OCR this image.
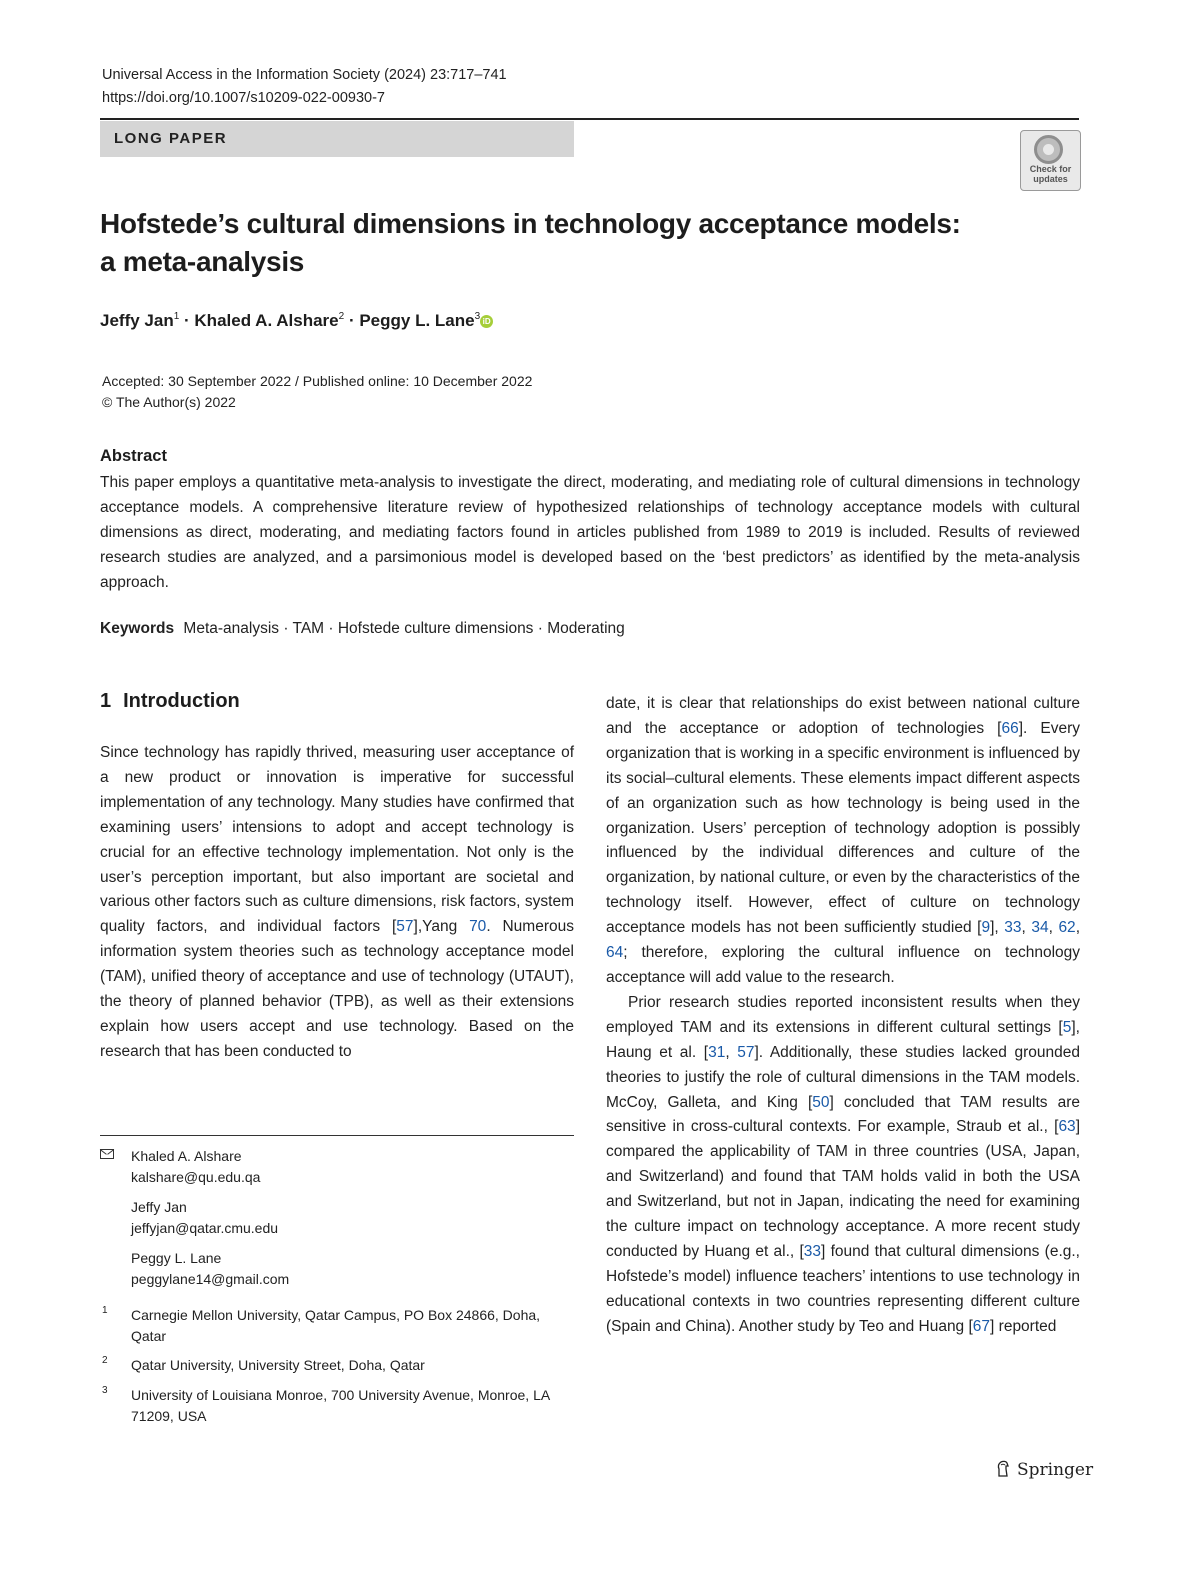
Universal Access in the Information Society (2024) 23:717–741
https://doi.org/10.1007/s10209-022-00930-7
LONG PAPER
Check for updates
Hofstede’s cultural dimensions in technology acceptance models:
a meta-analysis
Jeffy Jan$^1$ · Khaled A. Alshare$^2$ · Peggy L. Lane$^3$ iD
Accepted: 30 September 2022 / Published online: 10 December 2022
© The Author(s) 2022
Abstract
This paper employs a quantitative meta-analysis to investigate the direct, moderating, and mediating role of cultural dimensions in technology acceptance models. A comprehensive literature review of hypothesized relationships of technology acceptance models with cultural dimensions as direct, moderating, and mediating factors found in articles published from 1989 to 2019 is included. Results of reviewed research studies are analyzed, and a parsimonious model is developed based on the ‘best predictors’ as identified by the meta-analysis approach.
Keywords Meta-analysis · TAM · Hofstede culture dimensions · Moderating
1 Introduction

Since technology has rapidly thrived, measuring user acceptance of a new product or innovation is imperative for successful implementation of any technology. Many studies have confirmed that examining users’ intensions to adopt and accept technology is crucial for an effective technology implementation. Not only is the user’s perception important, but also important are societal and various other factors such as culture dimensions, risk factors, system quality factors, and individual factors [57],Yang 70. Numerous information system theories such as technology acceptance model (TAM), unified theory of acceptance and use of technology (UTAUT), the theory of planned behavior (TPB), as well as their extensions explain how users accept and use technology. Based on the research that has been conducted to

date, it is clear that relationships do exist between national culture and the acceptance or adoption of technologies [66]. Every organization that is working in a specific environment is influenced by its social–cultural elements. These elements impact different aspects of an organization such as how technology is being used in the organization. Users’ perception of technology adoption is possibly influenced by the individual differences and culture of the organization, by national culture, or even by the characteristics of the technology itself. However, effect of culture on technology acceptance models has not been sufficiently studied [9], 33, 34, 62, 64; therefore, exploring the cultural influence on technology acceptance will add value to the research.

Prior research studies reported inconsistent results when they employed TAM and its extensions in different cultural settings [5], Haung et al. [31, 57]. Additionally, these studies lacked grounded theories to justify the role of cultural dimensions in the TAM models. McCoy, Galleta, and King [50] concluded that TAM results are sensitive in cross-cultural contexts. For example, Straub et al., [63] compared the applicability of TAM in three countries (USA, Japan, and Switzerland) and found that TAM holds valid in both the USA and Switzerland, but not in Japan, indicating the need for examining the culture impact on technology acceptance. A more recent study conducted by Huang et al., [33] found that cultural dimensions (e.g., Hofstede’s model) influence teachers’ intentions to use technology in educational contexts in two countries representing different culture (Spain and China). Another study by Teo and Huang [67] reported

Khaled A. Alshare
kalshare@qu.edu.qa
Jeffy Jan
jeffyjan@qatar.cmu.edu
Peggy L. Lane
peggylane14@gmail.com
1 Carnegie Mellon University, Qatar Campus, PO Box 24866, Doha, Qatar
2 Qatar University, University Street, Doha, Qatar
3 University of Louisiana Monroe, 700 University Avenue, Monroe, LA 71209, USA
Springer
